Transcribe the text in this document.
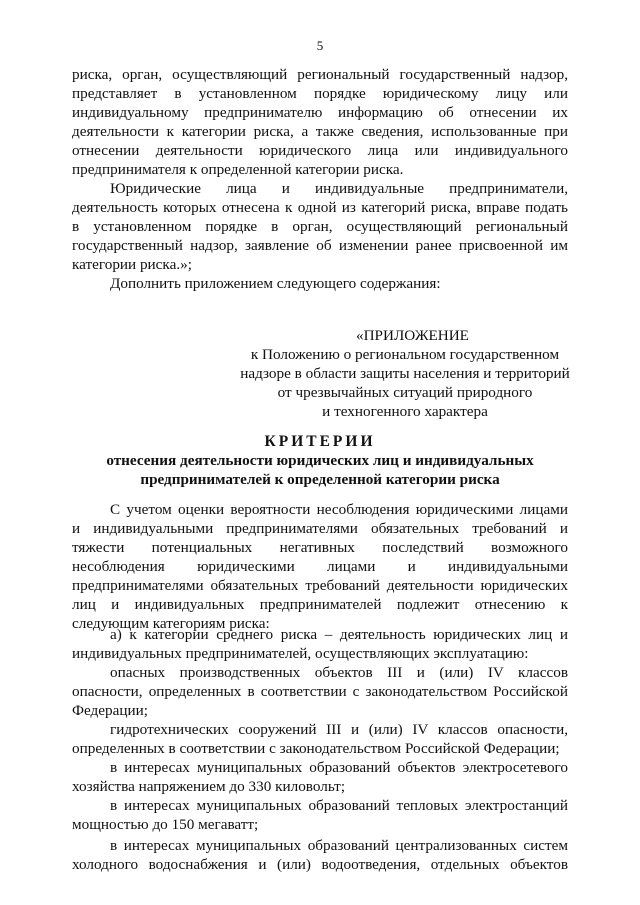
5
риска, орган, осуществляющий региональный государственный надзор,
представляет в установленном порядке юридическому лицу или
индивидуальному предпринимателю информацию об отнесении их
деятельности к категории риска, а также сведения, использованные при
отнесении деятельности юридического лица или индивидуального
предпринимателя к определенной категории риска.
Юридические лица и индивидуальные предприниматели,
деятельность которых отнесена к одной из категорий риска, вправе подать
в установленном порядке в орган, осуществляющий региональный
государственный надзор, заявление об изменении ранее присвоенной им
категории риска.»;
Дополнить приложением следующего содержания:
«ПРИЛОЖЕНИЕ
к Положению о региональном государственном
надзоре в области защиты населения и территорий
от чрезвычайных ситуаций природного
и техногенного характера
КРИТЕРИИ
отнесения деятельности юридических лиц и индивидуальных
предпринимателей к определенной категории риска
С учетом оценки вероятности несоблюдения юридическими лицами
и индивидуальными предпринимателями обязательных требований и
тяжести потенциальных негативных последствий возможного
несоблюдения юридическими лицами и индивидуальными
предпринимателями обязательных требований деятельности юридических
лиц и индивидуальных предпринимателей подлежит отнесению к
следующим категориям риска:
а) к категории среднего риска – деятельность юридических лиц и
индивидуальных предпринимателей, осуществляющих эксплуатацию:
опасных производственных объектов III и (или) IV классов
опасности, определенных в соответствии с законодательством Российской
Федерации;
гидротехнических сооружений III и (или) IV классов опасности,
определенных в соответствии с законодательством Российской Федерации;
в интересах муниципальных образований объектов электросетевого
хозяйства напряжением до 330 киловольт;
в интересах муниципальных образований тепловых электростанций
мощностью до 150 мегаватт;
в интересах муниципальных образований централизованных систем
холодного водоснабжения и (или) водоотведения, отдельных объектов
